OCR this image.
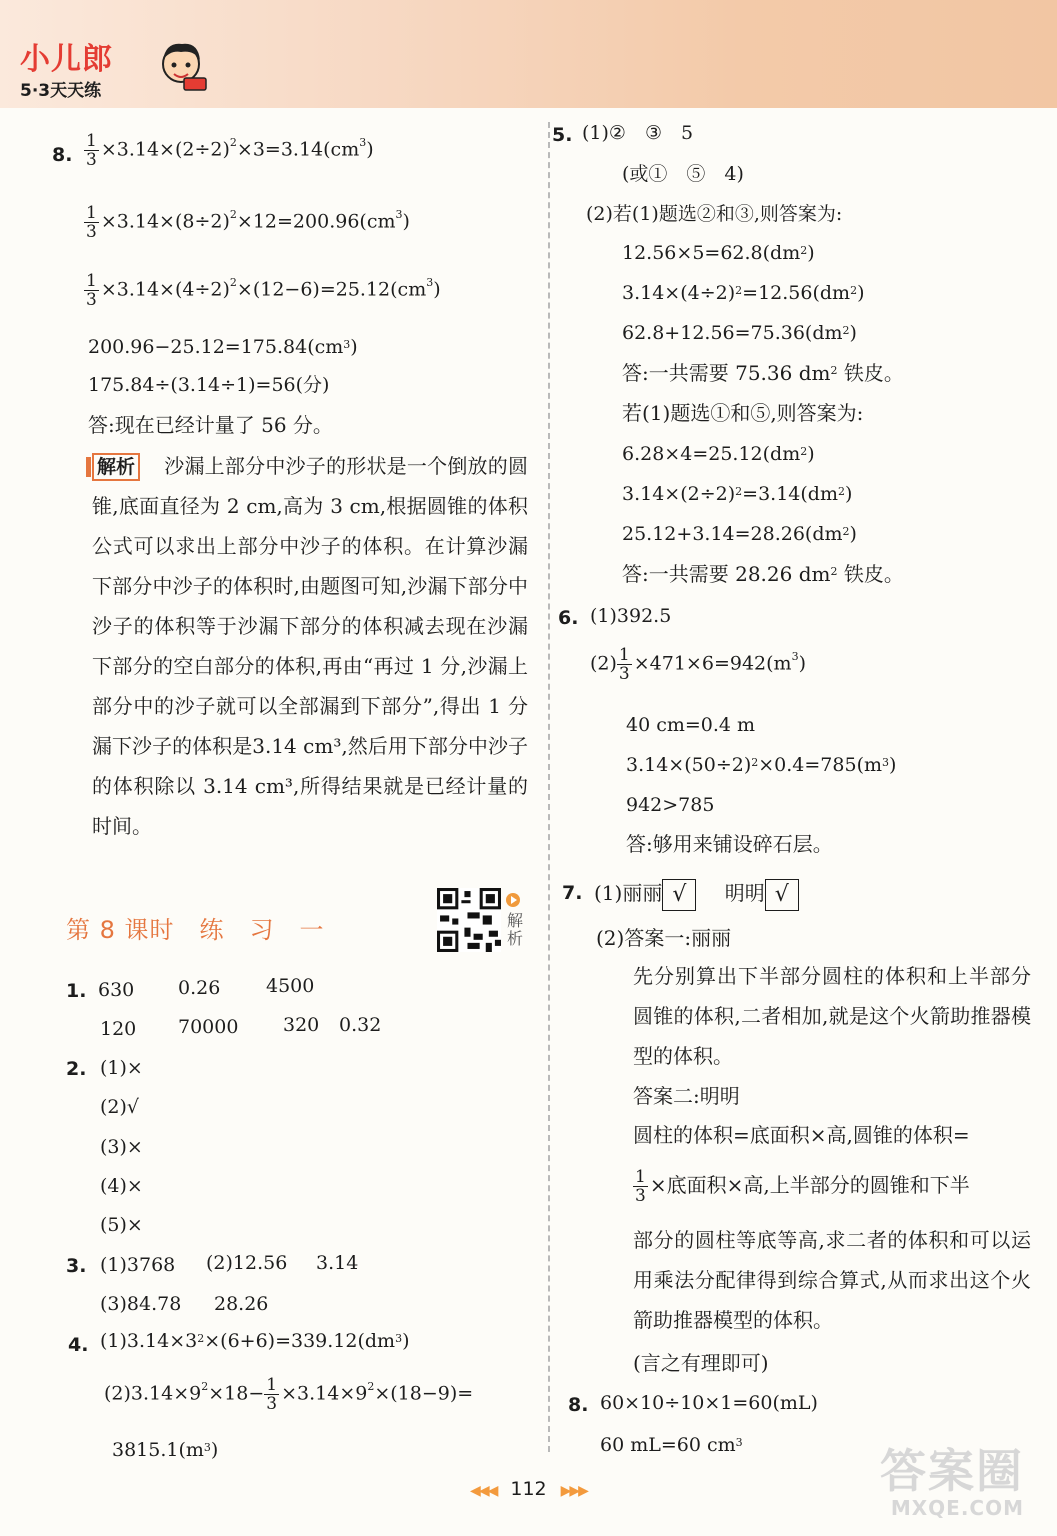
小儿郎
5·3天天练
8. $\frac{1}{3} \times 3.14\times(2\div 2)^2\times 3=3.14(cm^3)$
$\frac{1}{3} \times 3.14\times(8\div 2)^2\times 12=200.96(cm^3)$
$\frac{1}{3} \times 3.14\times(4\div 2)^2\times(12-6)=25.12(cm^3)$
$200.96-25.12=175.84(cm^3)$
175.84÷(3.14÷1)=56(分)
答:现在已经计量了 56 分。
解析 沙漏上部分中沙子的形状是一个倒放的圆锥,底面直径为 2 cm,高为 3 cm,根据圆锥的体积公式可以求出上部分中沙子的体积。在计算沙漏下部分中沙子的体积时,由题图可知,沙漏下部分中沙子的体积等于沙漏下部分的体积减去现在沙漏下部分的空白部分的体积,再由“再过 1 分,沙漏上部分中的沙子就可以全部漏到下部分”,得出 1 分漏下沙子的体积是3.14 cm³,然后用下部分中沙子的体积除以 3.14 cm³,所得结果就是已经计量的时间。
第 8 课时　练　习　一	解析
1. 630 0.26 4500
120 70000 320 0.32
2. (1)×
(2)√
(3)×
(4)×
(5)×
3. (1)3768 (2)12.56 3.14
(3)84.78 28.26
4. $(1)3.14\times 3^2\times(6+6)=339.12(dm^3)$
$(2)3.14\times 9^2\times 18- \frac{1}{3} \times 3.14\times 9^2\times(18-9)=$
$3815.1(m^3)$
5. (1)②　③　5
(或①　⑤　4)
(2)若(1)题选②和③,则答案为:
$12.56\times 5=62.8(dm^2)$
$3.14\times(4\div 2)^2=12.56(dm^2)$
$62.8+12.56=75.36(dm^2)$
答:一共需要 75.36 $dm^2$ 铁皮。
若(1)题选①和⑤,则答案为:
$6.28\times 4=25.12(dm^2)$
$3.14\times(2\div 2)^2=3.14(dm^2)$
$25.12+3.14=28.26(dm^2)$
答:一共需要 28.26 $dm^2$ 铁皮。
6. (1)392.5
$(2) \frac{1}{3} \times 471\times 6=942(m^3)$
40 cm=0.4 m
$3.14\times(50\div 2)^2\times 0.4=785(m^3)$
942>785
答:够用来铺设碎石层。
7. (1)丽丽 √ 明明 √
(2)答案一:丽丽
先分别算出下半部分圆柱的体积和上半部分圆锥的体积,二者相加,就是这个火箭助推器模型的体积。
答案二:明明
圆柱的体积=底面积×高,圆锥的体积=
$\frac{1}{3}$ ×底面积×高,上半部分的圆锥和下半
部分的圆柱等底等高,求二者的体积和可以运用乘法分配律得到综合算式,从而求出这个火箭助推器模型的体积。
(言之有理即可)
8. 60×10÷10×1=60(mL)
60 mL=60 $cm^3$
◀◀◀ 112 ▶▶▶	答案圈
MXQE.COM
